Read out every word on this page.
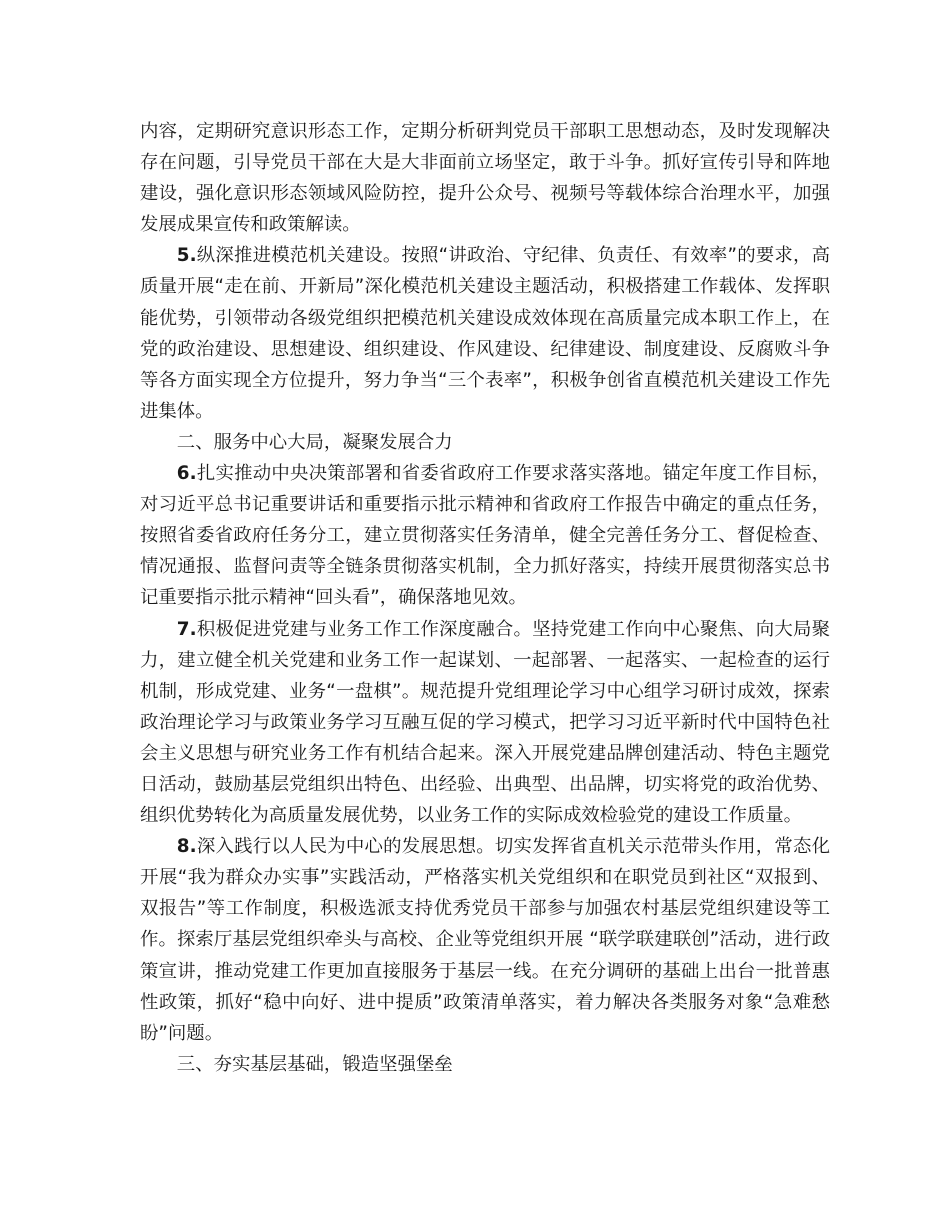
内容，定期研究意识形态工作，定期分析研判党员干部职工思想动态，及时发现解决存在问题，引导党员干部在大是大非面前立场坚定，敢于斗争。抓好宣传引导和阵地建设，强化意识形态领域风险防控，提升公众号、视频号等载体综合治理水平，加强发展成果宣传和政策解读。

5.纵深推进模范机关建设。按照“讲政治、守纪律、负责任、有效率”的要求，高质量开展“走在前、开新局”深化模范机关建设主题活动，积极搭建工作载体、发挥职能优势，引领带动各级党组织把模范机关建设成效体现在高质量完成本职工作上，在党的政治建设、思想建设、组织建设、作风建设、纪律建设、制度建设、反腐败斗争等各方面实现全方位提升，努力争当“三个表率”，积极争创省直模范机关建设工作先进集体。

二、服务中心大局，凝聚发展合力

6.扎实推动中央决策部署和省委省政府工作要求落实落地。锚定年度工作目标，对习近平总书记重要讲话和重要指示批示精神和省政府工作报告中确定的重点任务，按照省委省政府任务分工，建立贯彻落实任务清单，健全完善任务分工、督促检查、情况通报、监督问责等全链条贯彻落实机制，全力抓好落实，持续开展贯彻落实总书记重要指示批示精神“回头看”，确保落地见效。

7.积极促进党建与业务工作工作深度融合。坚持党建工作向中心聚焦、向大局聚力，建立健全机关党建和业务工作一起谋划、一起部署、一起落实、一起检查的运行机制，形成党建、业务“一盘棋”。规范提升党组理论学习中心组学习研讨成效，探索政治理论学习与政策业务学习互融互促的学习模式，把学习习近平新时代中国特色社会主义思想与研究业务工作有机结合起来。深入开展党建品牌创建活动、特色主题党日活动，鼓励基层党组织出特色、出经验、出典型、出品牌，切实将党的政治优势、组织优势转化为高质量发展优势，以业务工作的实际成效检验党的建设工作质量。

8.深入践行以人民为中心的发展思想。切实发挥省直机关示范带头作用，常态化开展“我为群众办实事”实践活动，严格落实机关党组织和在职党员到社区“双报到、双报告”等工作制度，积极选派支持优秀党员干部参与加强农村基层党组织建设等工作。探索厅基层党组织牵头与高校、企业等党组织开展 “联学联建联创”活动，进行政策宣讲，推动党建工作更加直接服务于基层一线。在充分调研的基础上出台一批普惠性政策，抓好“稳中向好、进中提质”政策清单落实，着力解决各类服务对象“急难愁盼”问题。

三、夯实基层基础，锻造坚强堡垒
